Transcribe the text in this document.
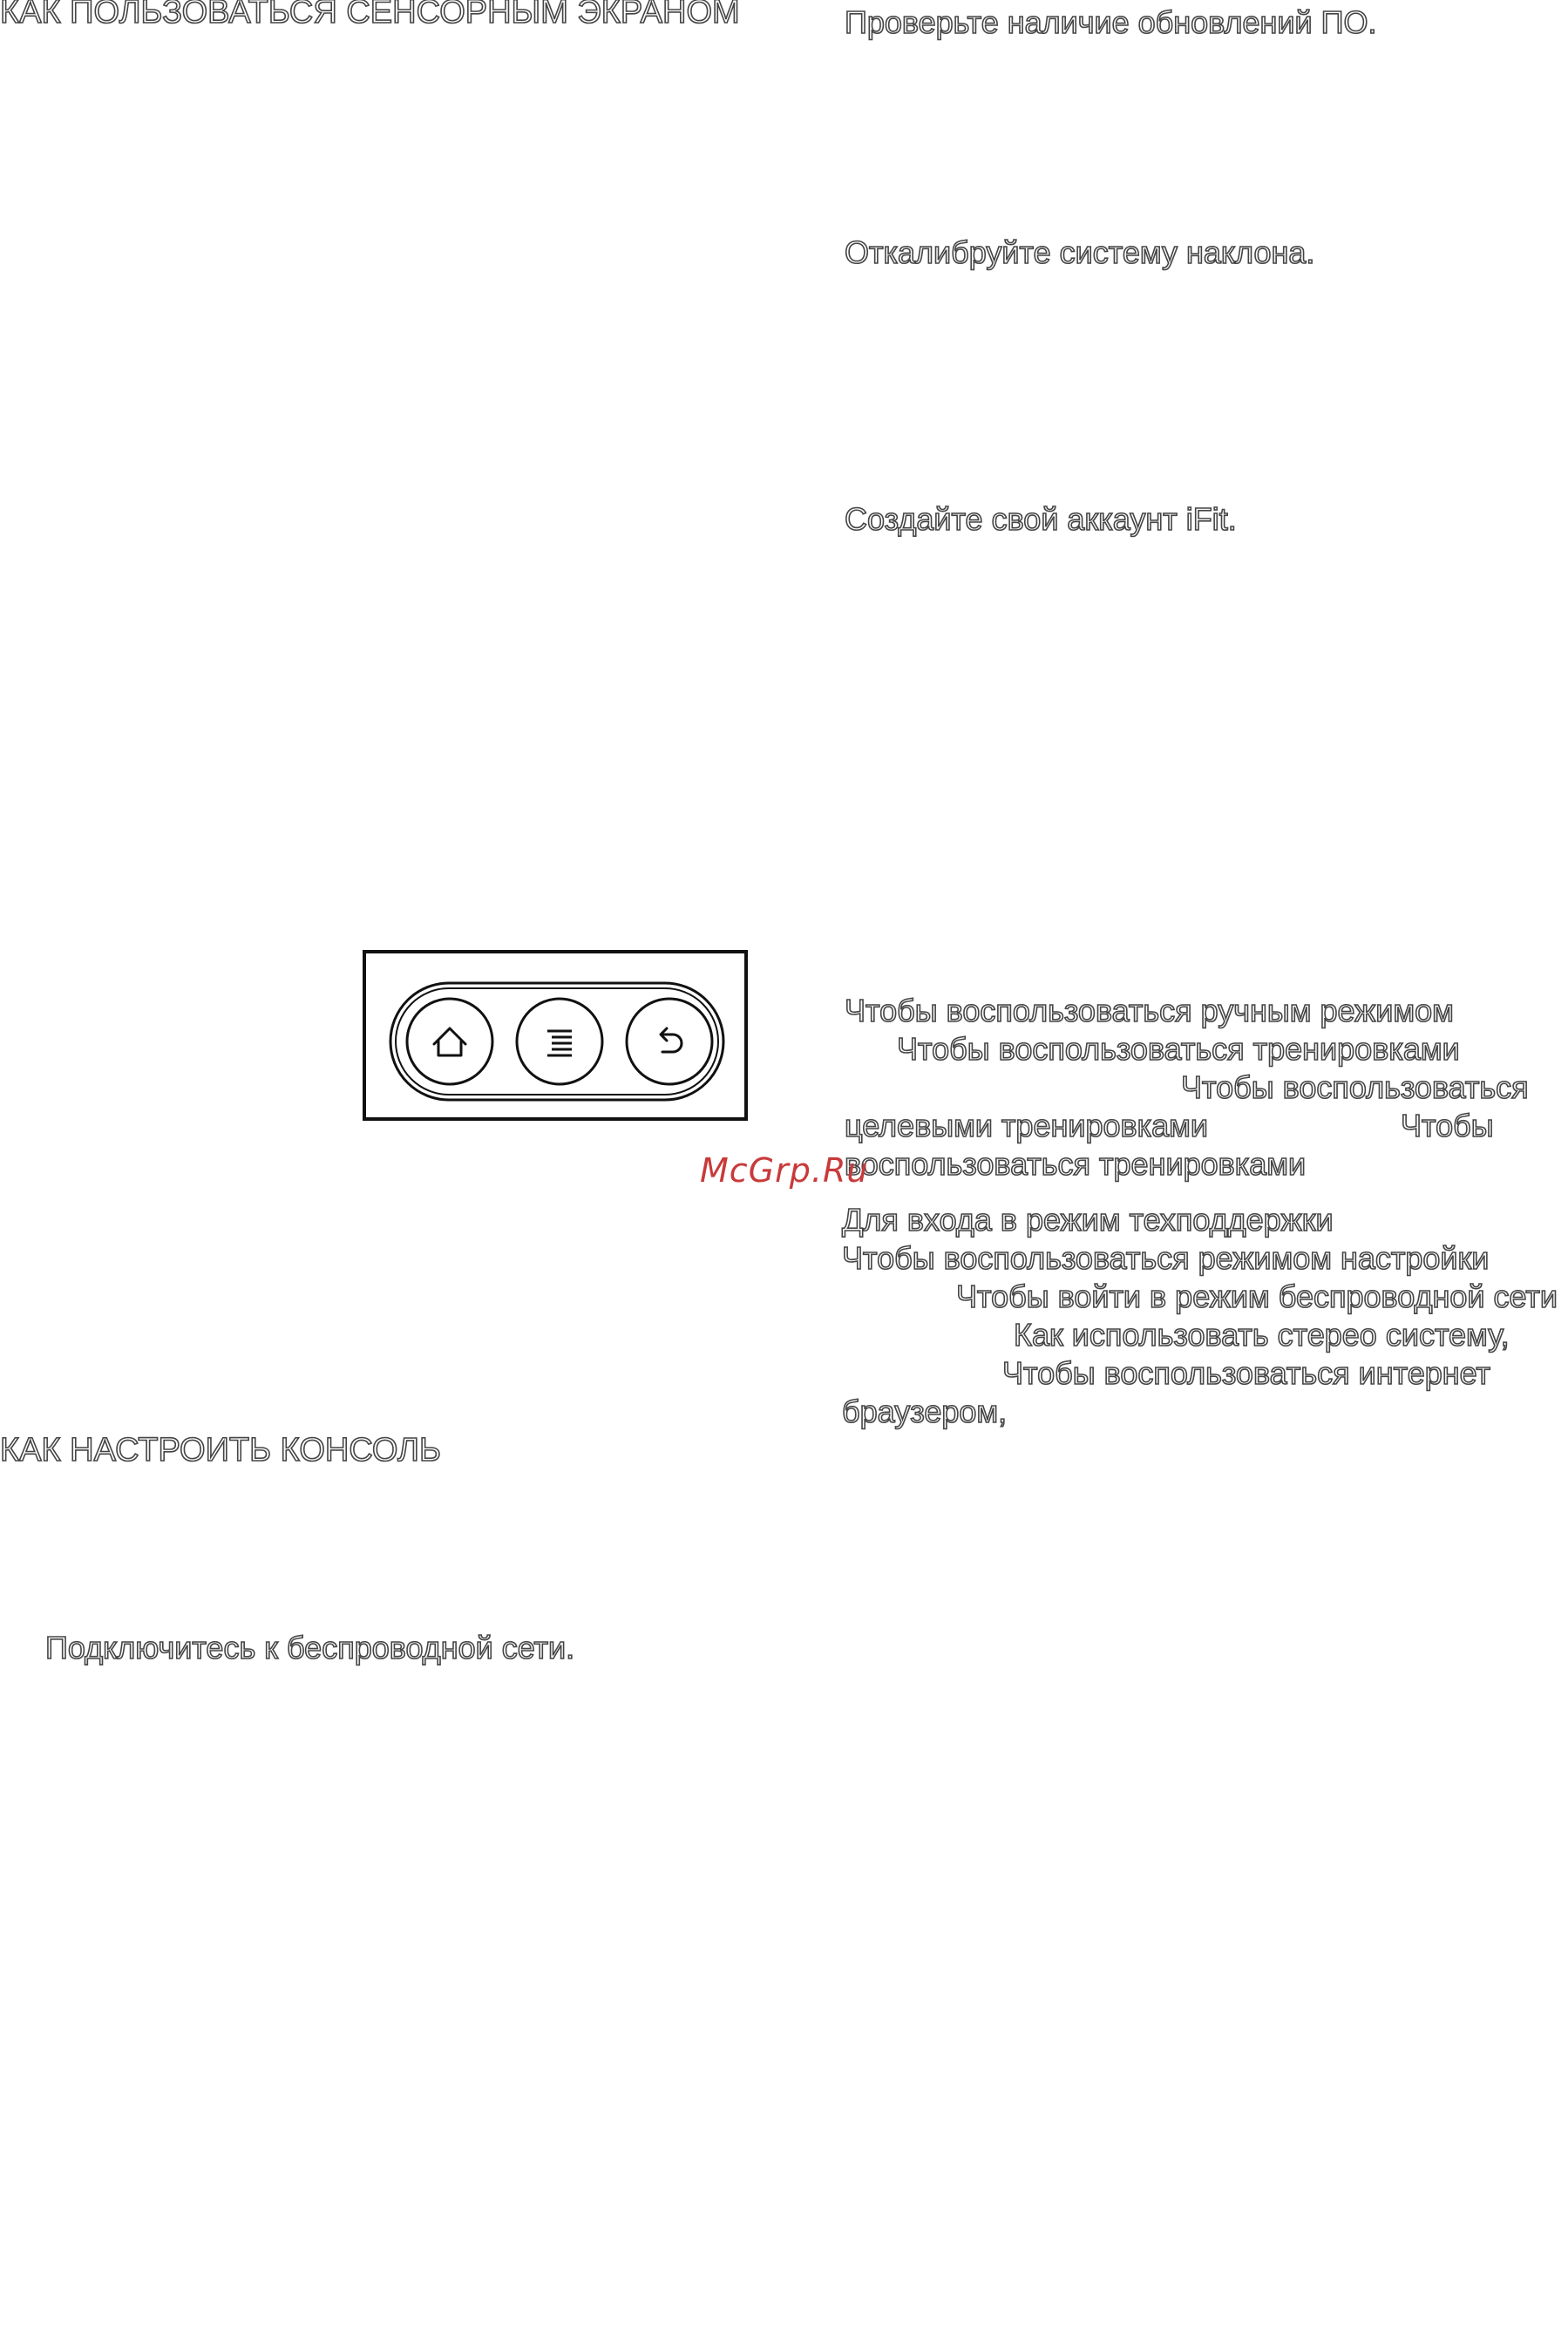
КАК ПОЛЬЗОВАТЬСЯ СЕНСОРНЫМ ЭКРАНОМ

КАК НАСТРОИТЬ КОНСОЛЬ

Подключитесь к беспроводной сети.

Проверьте наличие обновлений ПО.

Откалибруйте систему наклона.

Создайте свой аккаунт iFit.

Чтобы воспользоваться ручным режимом

Чтобы воспользоваться тренировками

Чтобы воспользоваться

целевыми тренировками	Чтобы

воспользоваться тренировками

Для входа в режим техподдержки

Чтобы воспользоваться режимом настройки

Чтобы войти в режим беспроводной сети

Как использовать стерео систему,

Чтобы воспользоваться интернет

браузером,

McGrp.Ru
